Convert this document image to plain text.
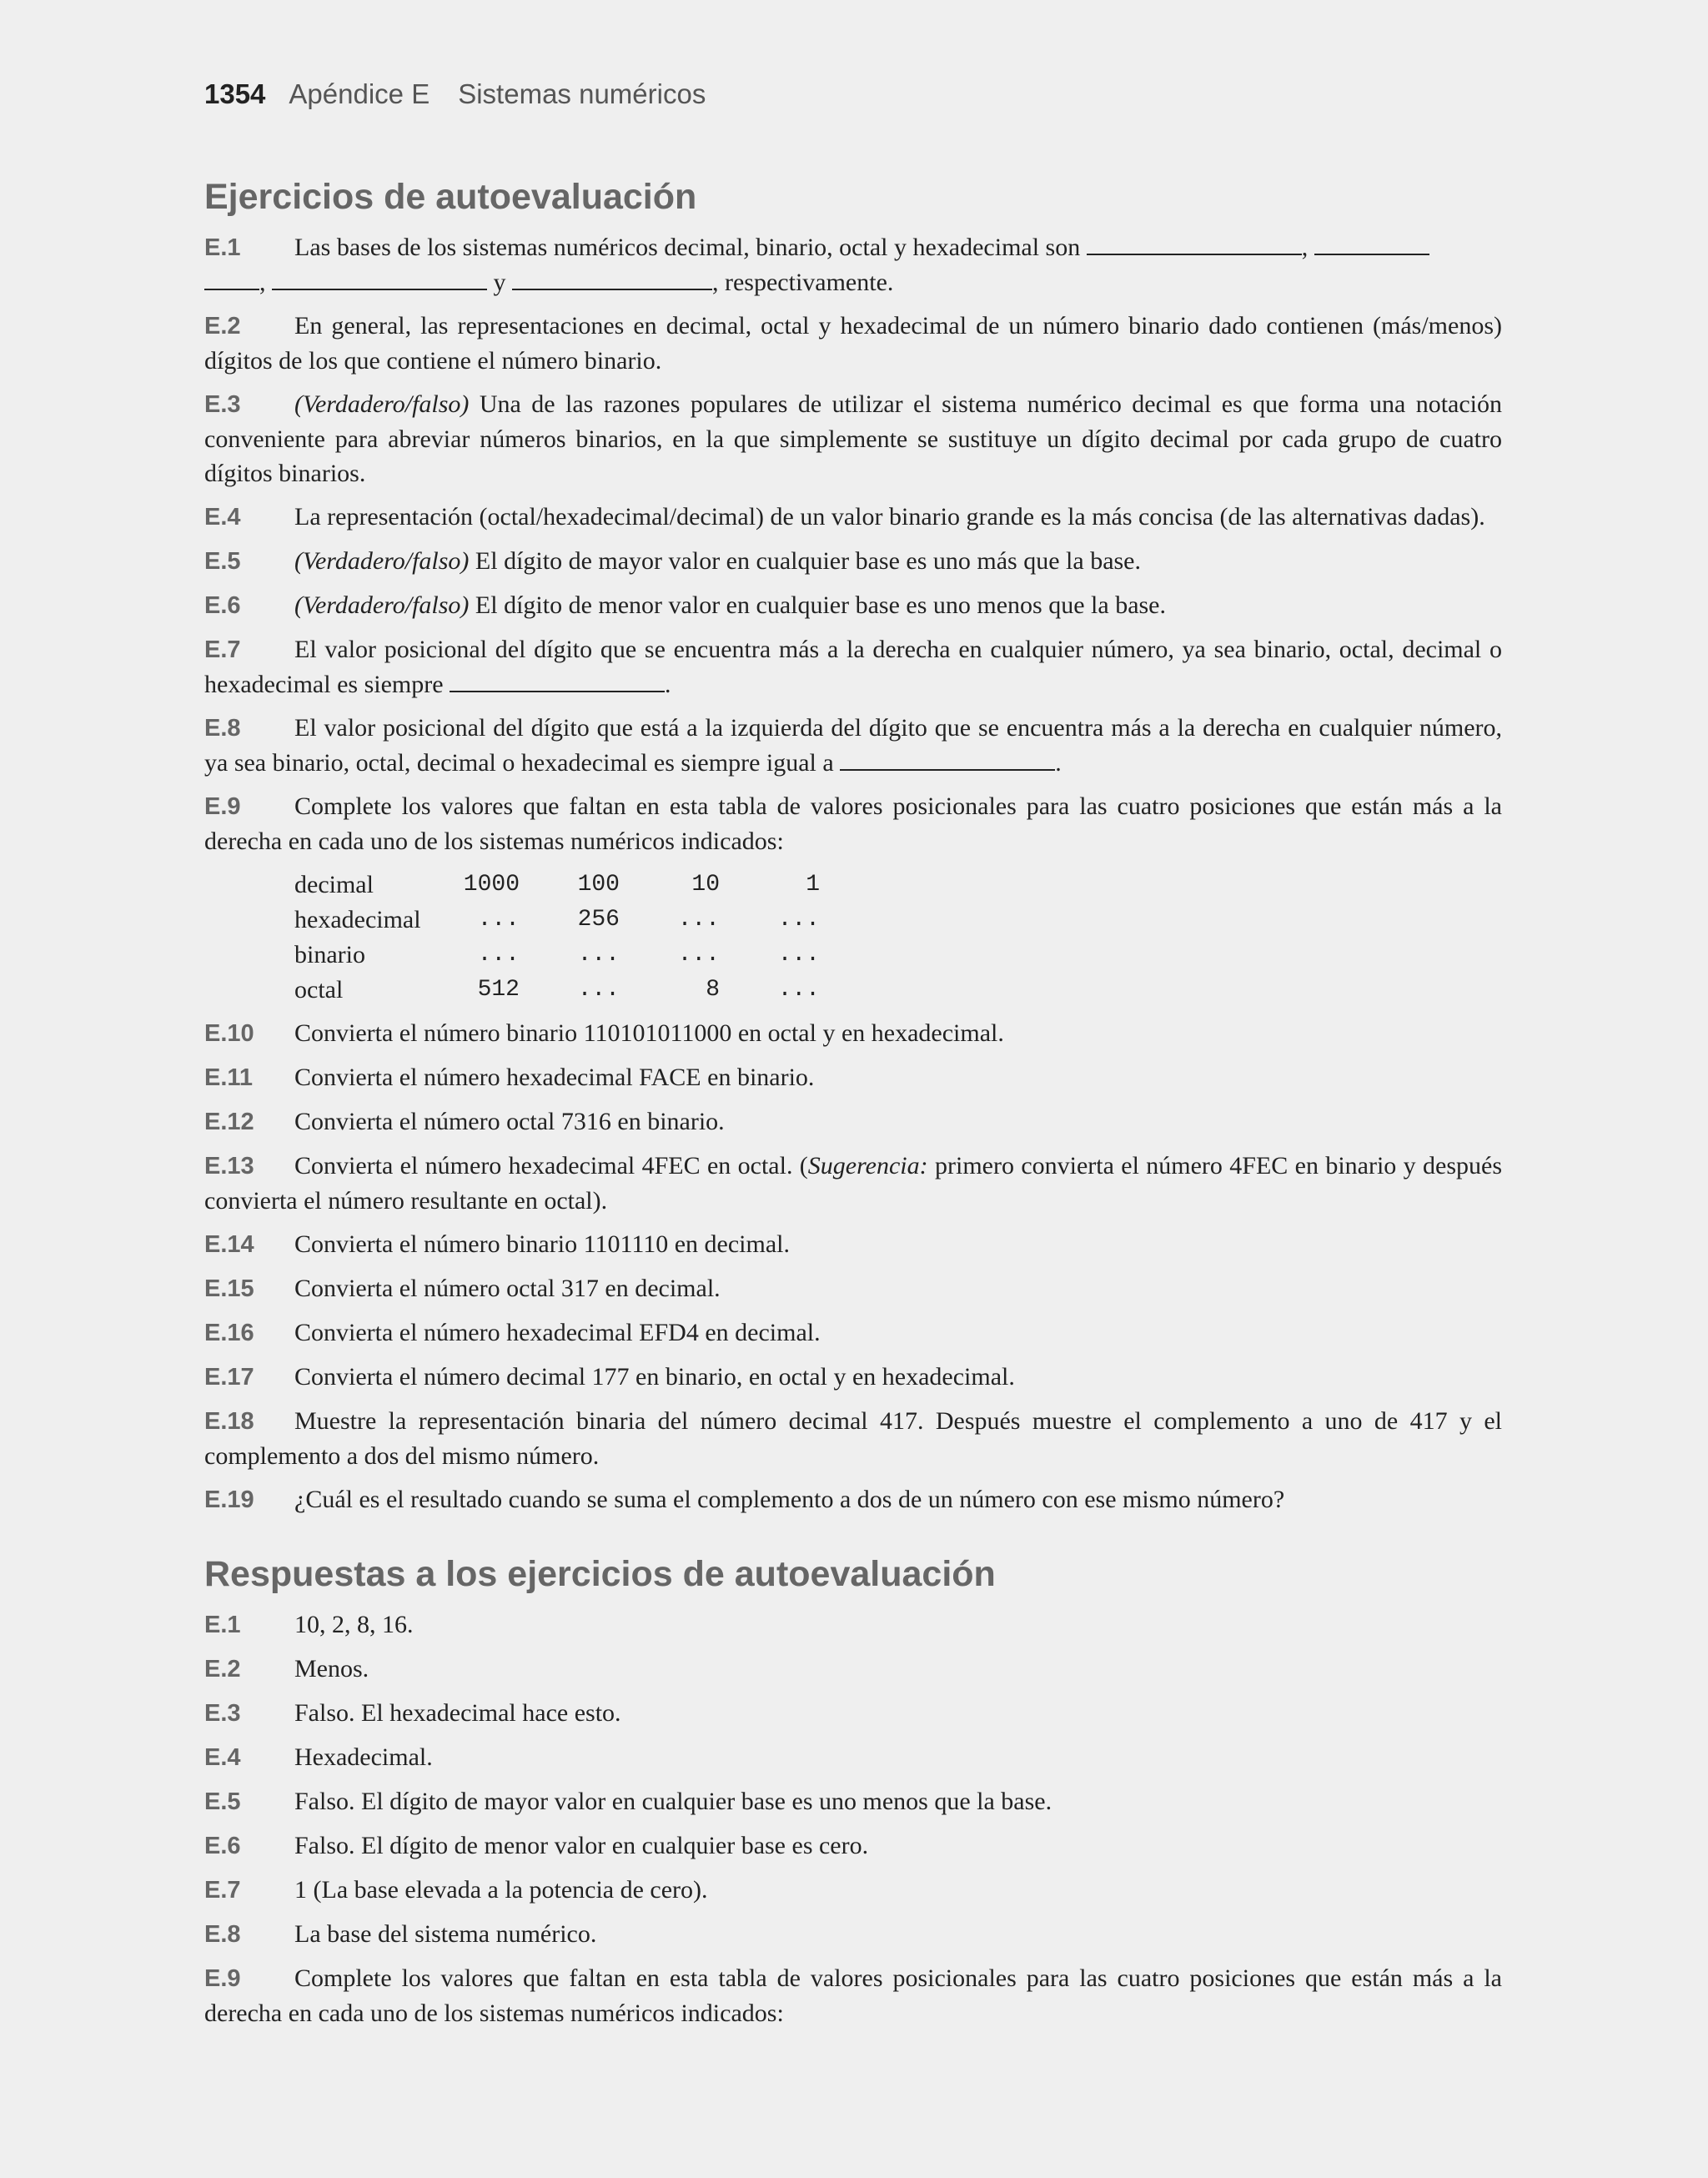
1354 Apéndice E Sistemas numéricos
Ejercicios de autoevaluación
E.1 Las bases de los sistemas numéricos decimal, binario, octal y hexadecimal son	,
,	y	, respectivamente.
E.2 En general, las representaciones en decimal, octal y hexadecimal de un número binario dado contienen (más/menos) dígitos de los que contiene el número binario.
E.3 (Verdadero/falso) Una de las razones populares de utilizar el sistema numérico decimal es que forma una notación conveniente para abreviar números binarios, en la que simplemente se sustituye un dígito decimal por cada grupo de cuatro dígitos binarios.
E.4 La representación (octal/hexadecimal/decimal) de un valor binario grande es la más concisa (de las alternativas dadas).
E.5 (Verdadero/falso) El dígito de mayor valor en cualquier base es uno más que la base.
E.6 (Verdadero/falso) El dígito de menor valor en cualquier base es uno menos que la base.
E.7 El valor posicional del dígito que se encuentra más a la derecha en cualquier número, ya sea binario, octal, decimal o hexadecimal es siempre	.
E.8 El valor posicional del dígito que está a la izquierda del dígito que se encuentra más a la derecha en cualquier número, ya sea binario, octal, decimal o hexadecimal es siempre igual a	.
E.9 Complete los valores que faltan en esta tabla de valores posicionales para las cuatro posiciones que están más a la derecha en cada uno de los sistemas numéricos indicados:
decimal	1000	100	10	1
hexadecimal	...	256	...	...
binario	...	...	...	...
octal	512	...	8	...
E.10 Convierta el número binario 110101011000 en octal y en hexadecimal.
E.11 Convierta el número hexadecimal FACE en binario.
E.12 Convierta el número octal 7316 en binario.
E.13 Convierta el número hexadecimal 4FEC en octal. (Sugerencia: primero convierta el número 4FEC en binario y después convierta el número resultante en octal).
E.14 Convierta el número binario 1101110 en decimal.
E.15 Convierta el número octal 317 en decimal.
E.16 Convierta el número hexadecimal EFD4 en decimal.
E.17 Convierta el número decimal 177 en binario, en octal y en hexadecimal.
E.18 Muestre la representación binaria del número decimal 417. Después muestre el complemento a uno de 417 y el complemento a dos del mismo número.
E.19 ¿Cuál es el resultado cuando se suma el complemento a dos de un número con ese mismo número?
Respuestas a los ejercicios de autoevaluación
E.1 10, 2, 8, 16.
E.2 Menos.
E.3 Falso. El hexadecimal hace esto.
E.4 Hexadecimal.
E.5 Falso. El dígito de mayor valor en cualquier base es uno menos que la base.
E.6 Falso. El dígito de menor valor en cualquier base es cero.
E.7 1 (La base elevada a la potencia de cero).
E.8 La base del sistema numérico.
E.9 Complete los valores que faltan en esta tabla de valores posicionales para las cuatro posiciones que están más a la derecha en cada uno de los sistemas numéricos indicados:
